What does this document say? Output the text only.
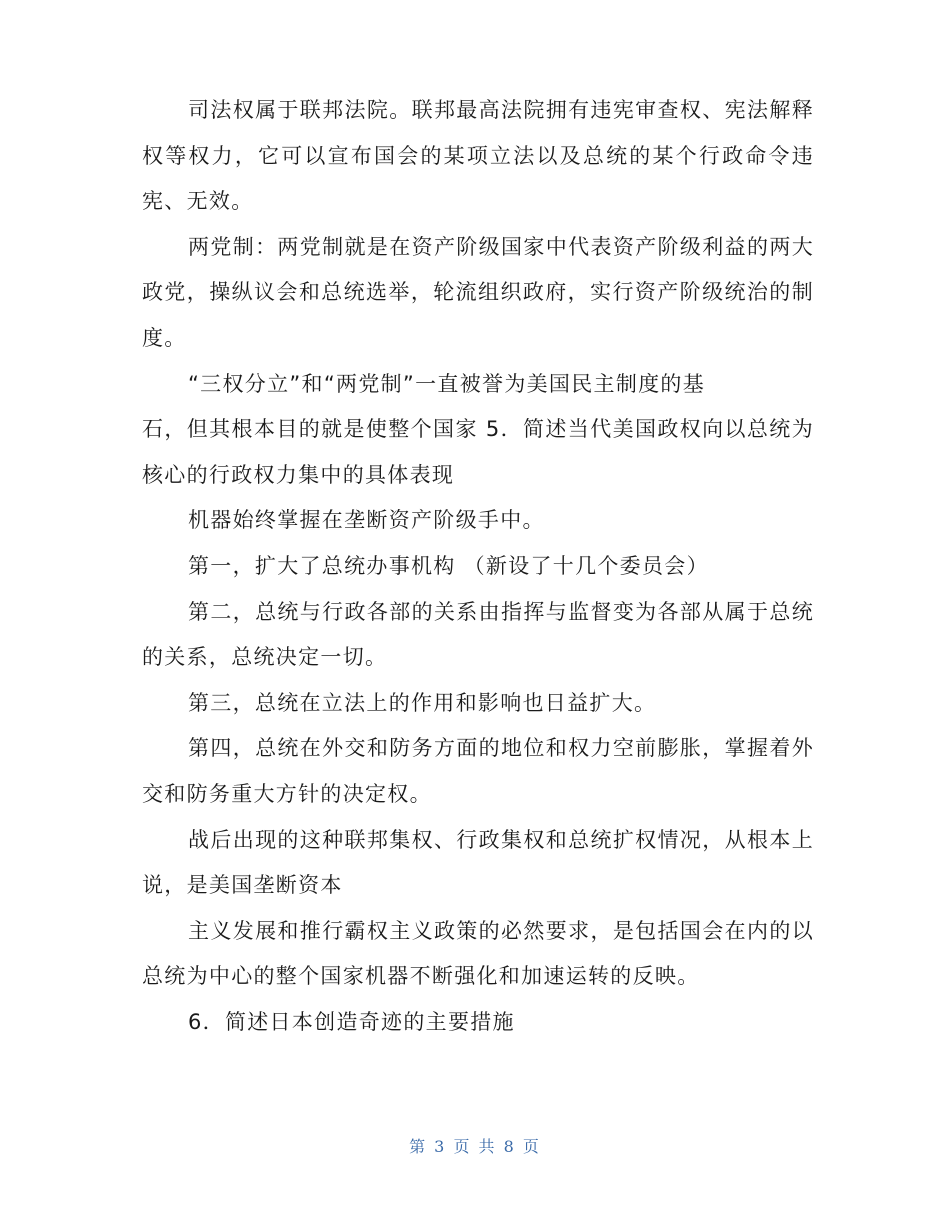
司法权属于联邦法院。联邦最高法院拥有违宪审查权、宪法解释权等权力，它可以宣布国会的某项立法以及总统的某个行政命令违宪、无效。

两党制：两党制就是在资产阶级国家中代表资产阶级利益的两大政党，操纵议会和总统选举，轮流组织政府，实行资产阶级统治的制度。

“三权分立”和“两党制”一直被誉为美国民主制度的基

石，但其根本目的就是使整个国家 5．简述当代美国政权向以总统为核心的行政权力集中的具体表现

机器始终掌握在垄断资产阶级手中。

第一，扩大了总统办事机构 （新设了十几个委员会）

第二，总统与行政各部的关系由指挥与监督变为各部从属于总统的关系，总统决定一切。

第三，总统在立法上的作用和影响也日益扩大。

第四，总统在外交和防务方面的地位和权力空前膨胀，掌握着外交和防务重大方针的决定权。

战后出现的这种联邦集权、行政集权和总统扩权情况，从根本上说，是美国垄断资本

主义发展和推行霸权主义政策的必然要求，是包括国会在内的以总统为中心的整个国家机器不断强化和加速运转的反映。

6．简述日本创造奇迹的主要措施

第 3 页 共 8 页
